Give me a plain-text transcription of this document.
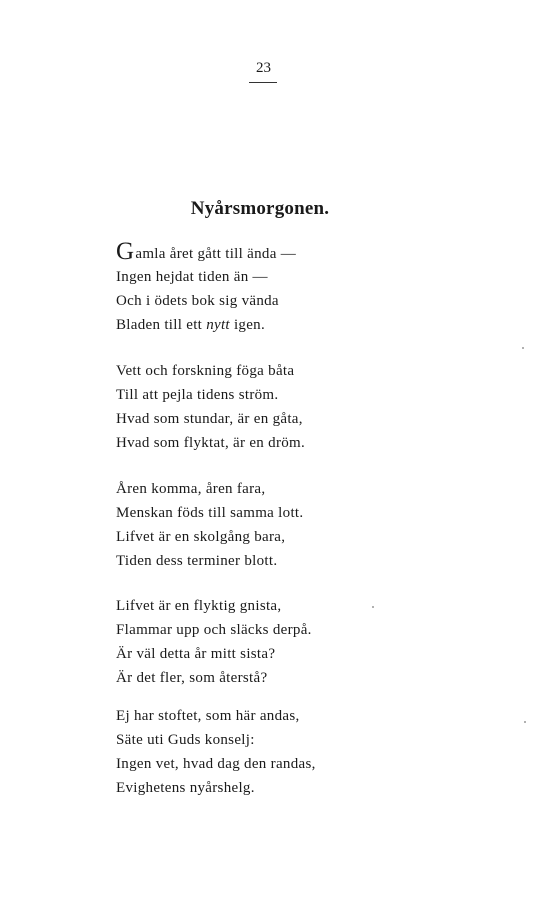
23
Nyårsmorgonen.
G amla året gått till ända —
Ingen hejdat tiden än —
Och i ödets bok sig vända
Bladen till ett nytt igen.
Vett och forskning föga båta
Till att pejla tidens ström.
Hvad som stundar, är en gåta,
Hvad som flyktat, är en dröm.
Åren komma, åren fara,
Menskan föds till samma lott.
Lifvet är en skolgång bara,
Tiden dess terminer blott.
Lifvet är en flyktig gnista,
Flammar upp och släcks derpå.
Är väl detta år mitt sista?
Är det fler, som återstå?
Ej har stoftet, som här andas,
Säte uti Guds konselj:
Ingen vet, hvad dag den randas,
Evighetens nyårshelg.
